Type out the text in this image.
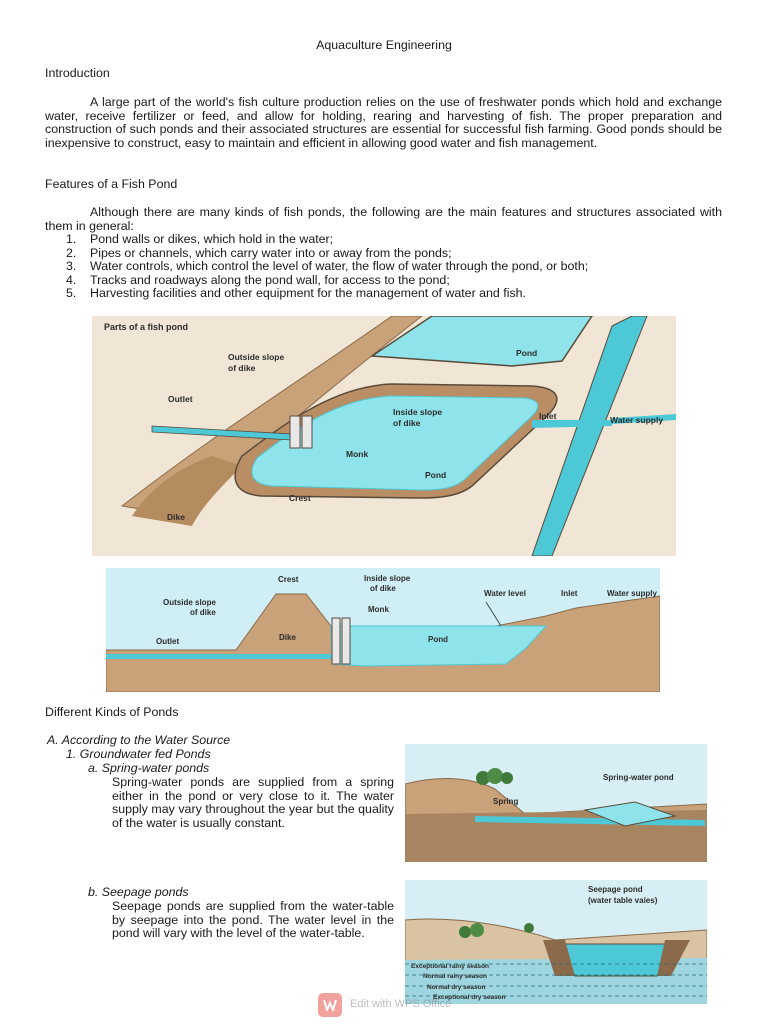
Aquaculture Engineering
Introduction
A large part of the world's fish culture production relies on the use of freshwater ponds which hold and exchange water, receive fertilizer or feed, and allow for holding, rearing and harvesting of fish. The proper preparation and construction of such ponds and their associated structures are essential for successful fish farming. Good ponds should be inexpensive to construct, easy to maintain and efficient in allowing good water and fish management.
Features of a Fish Pond
Although there are many kinds of fish ponds, the following are the main features and structures associated with them in general:
1. Pond walls or dikes, which hold in the water;
2. Pipes or channels, which carry water into or away from the ponds;
3. Water controls, which control the level of water, the flow of water through the pond, or both;
4. Tracks and roadways along the pond wall, for access to the pond;
5. Harvesting facilities and other equipment for the management of water and fish.
Parts of a fish pond
Outside slope
of dike
Outlet
Inside slope
of dike
Monk
Pond
Pond
Inlet	Water supply
Crest
Dike
Crest	Inside slope
of dike
Outside slope
of dike	Monk
Water level	Inlet	Water supply
Outlet	Dike	Pond
Different Kinds of Ponds
A. According to the Water Source
1. Groundwater fed Ponds
a. Spring-water ponds
Spring-water ponds are supplied from a spring either in the pond or very close to it. The water supply may vary throughout the year but the quality of the water is usually constant.
Spring-water pond
Spring
b. Seepage ponds
Seepage ponds are supplied from the water-table by seepage into the pond. The water level in the pond will vary with the level of the water-table.
Seepage pond
(water table vaies)
Exceptional rainy season
Normal rainy season
Normal dry season
Exceptional dry season
Edit with WPS Office
